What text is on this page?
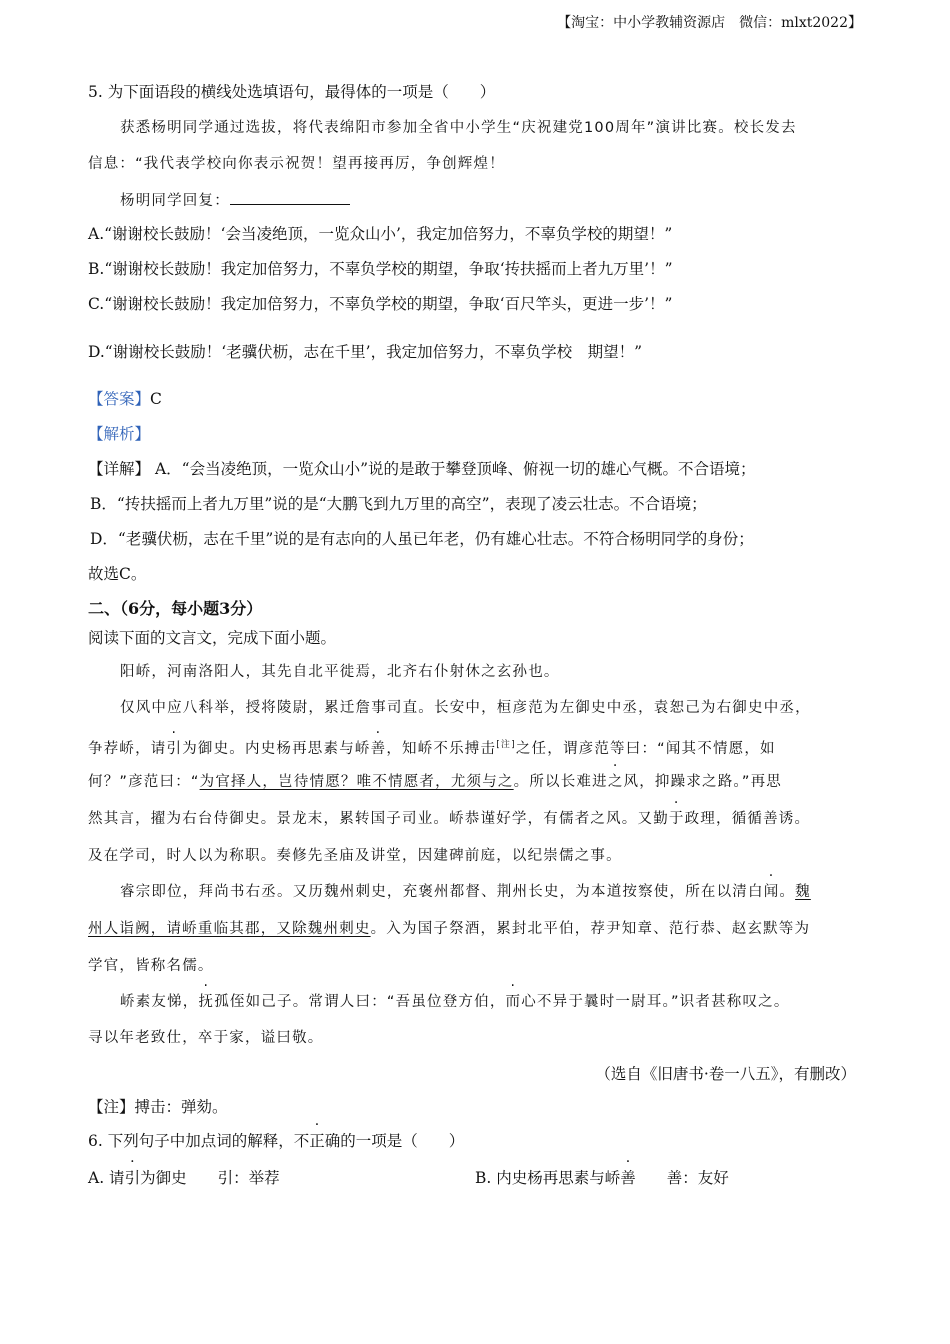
【淘宝：中小学教辅资源店　微信：mlxt2022】
5. 为下面语段的横线处选填语句，最得体的一项是（　　）
获悉杨明同学通过选拔，将代表绵阳市参加全省中小学生“庆祝建党100周年”演讲比赛。校长发去
信息：“我代表学校向你表示祝贺！望再接再厉，争创辉煌！
杨明同学回复：
A.“谢谢校长鼓励！‘会当凌绝顶，一览众山小’，我定加倍努力，不辜负学校的期望！”
B.“谢谢校长鼓励！我定加倍努力，不辜负学校的期望，争取‘抟扶摇而上者九万里’！”
C.“谢谢校长鼓励！我定加倍努力，不辜负学校的期望，争取‘百尺竿头，更进一步’！”
D.“谢谢校长鼓励！‘老骥伏枥，志在千里’，我定加倍努力，不辜负学校　期望！”
【答案】C
【解析】
【详解】 A．“会当凌绝顶，一览众山小”说的是敢于攀登顶峰、俯视一切的雄心气概。不合语境；
B．“抟扶摇而上者九万里”说的是“大鹏飞到九万里的高空”，表现了凌云壮志。不合语境；
D．“老骥伏枥，志在千里”说的是有志向的人虽已年老，仍有雄心壮志。不符合杨明同学的身份；
故选C。
二、（6分，每小题3分）
阅读下面的文言文，完成下面小题。
阳峤，河南洛阳人，其先自北平徙焉，北齐右仆射休之玄孙也。
仅风中应八科举，授将陵尉，累迁詹事司直。长安中，桓彦范为左御史中丞，袁恕己为右御史中丞，
争荐峤，请引为御史。内史杨再思素与峤善，知峤不乐搏击[注]之任，谓彦范等曰：“闻其不情愿，如
何？”彦范曰：“为官择人，岂待情愿？唯不情愿者，尤须与之。所以长难进之风，抑躁求之路。”再思
然其言，擢为右台侍御史。景龙末，累转国子司业。峤恭谨好学，有儒者之风。又勤于政理，循循善诱。
及在学司，时人以为称职。奏修先圣庙及讲堂，因建碑前庭，以纪崇儒之事。
睿宗即位，拜尚书右丞。又历魏州刺史，充褒州都督、荆州长史，为本道按察使，所在以清白闻。魏
州人诣阙，请峤重临其郡，又除魏州刺史。入为国子祭酒，累封北平伯，荐尹知章、范行恭、赵玄默等为
学官，皆称名儒。
峤素友悌，抚孤侄如己子。常谓人曰：“吾虽位登方伯，而心不异于曩时一尉耳。”识者甚称叹之。
寻以年老致仕，卒于家，谥曰敬。
（选自《旧唐书·卷一八五》，有删改）
【注】搏击：弹劾。
6. 下列句子中加点词的解释，不正确的一项是（　　）
A. 请引为御史　　引：举荐	B. 内史杨再思素与峤善　　善：友好
